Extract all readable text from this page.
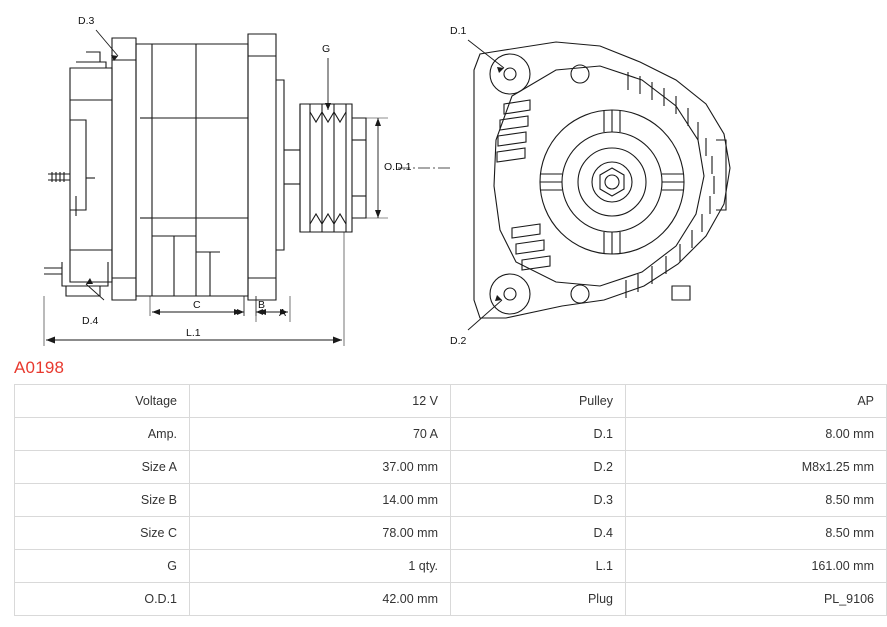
D.3
D.4
G
O.D.1
A
B
C
L.1
D.1
D.2
A0198
Voltage	12 V	Pulley	AP
Amp.	70 A	D.1	8.00 mm
Size A	37.00 mm	D.2	M8x1.25 mm
Size B	14.00 mm	D.3	8.50 mm
Size C	78.00 mm	D.4	8.50 mm
G	1 qty.	L.1	161.00 mm
O.D.1	42.00 mm	Plug	PL_9106
